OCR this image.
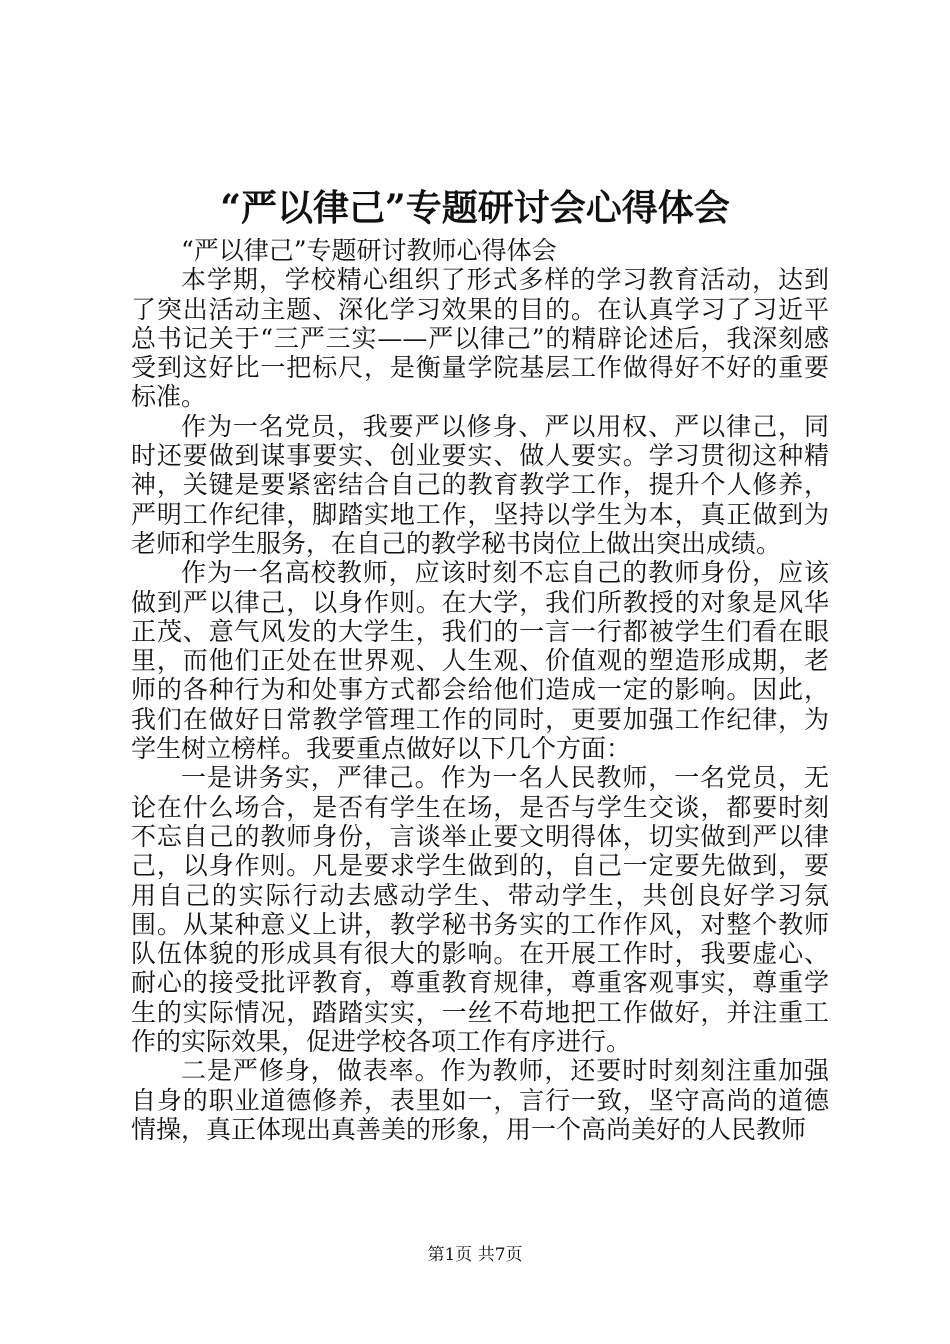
“严以律己”专题研讨会心得体会

“严以律己”专题研讨教师心得体会

本学期，学校精心组织了形式多样的学习教育活动，达到了突出活动主题、深化学习效果的目的。在认真学习了习近平总书记关于“三严三实——严以律己”的精辟论述后，我深刻感受到这好比一把标尺，是衡量学院基层工作做得好不好的重要标准。

作为一名党员，我要严以修身、严以用权、严以律己，同时还要做到谋事要实、创业要实、做人要实。学习贯彻这种精神，关键是要紧密结合自己的教育教学工作，提升个人修养，严明工作纪律，脚踏实地工作，坚持以学生为本，真正做到为老师和学生服务，在自己的教学秘书岗位上做出突出成绩。

作为一名高校教师，应该时刻不忘自己的教师身份，应该做到严以律己，以身作则。在大学，我们所教授的对象是风华正茂、意气风发的大学生，我们的一言一行都被学生们看在眼里，而他们正处在世界观、人生观、价值观的塑造形成期，老师的各种行为和处事方式都会给他们造成一定的影响。因此，我们在做好日常教学管理工作的同时，更要加强工作纪律，为学生树立榜样。我要重点做好以下几个方面：

一是讲务实，严律己。作为一名人民教师，一名党员，无论在什么场合，是否有学生在场，是否与学生交谈，都要时刻不忘自己的教师身份，言谈举止要文明得体，切实做到严以律己，以身作则。凡是要求学生做到的，自己一定要先做到，要用自己的实际行动去感动学生、带动学生，共创良好学习氛围。从某种意义上讲，教学秘书务实的工作作风，对整个教师队伍体貌的形成具有很大的影响。在开展工作时，我要虚心、耐心的接受批评教育，尊重教育规律，尊重客观事实，尊重学生的实际情况，踏踏实实，一丝不苟地把工作做好，并注重工作的实际效果，促进学校各项工作有序进行。

二是严修身，做表率。作为教师，还要时时刻刻注重加强自身的职业道德修养，表里如一，言行一致，坚守高尚的道德情操，真正体现出真善美的形象，用一个高尚美好的人民教师

第1页 共7页
